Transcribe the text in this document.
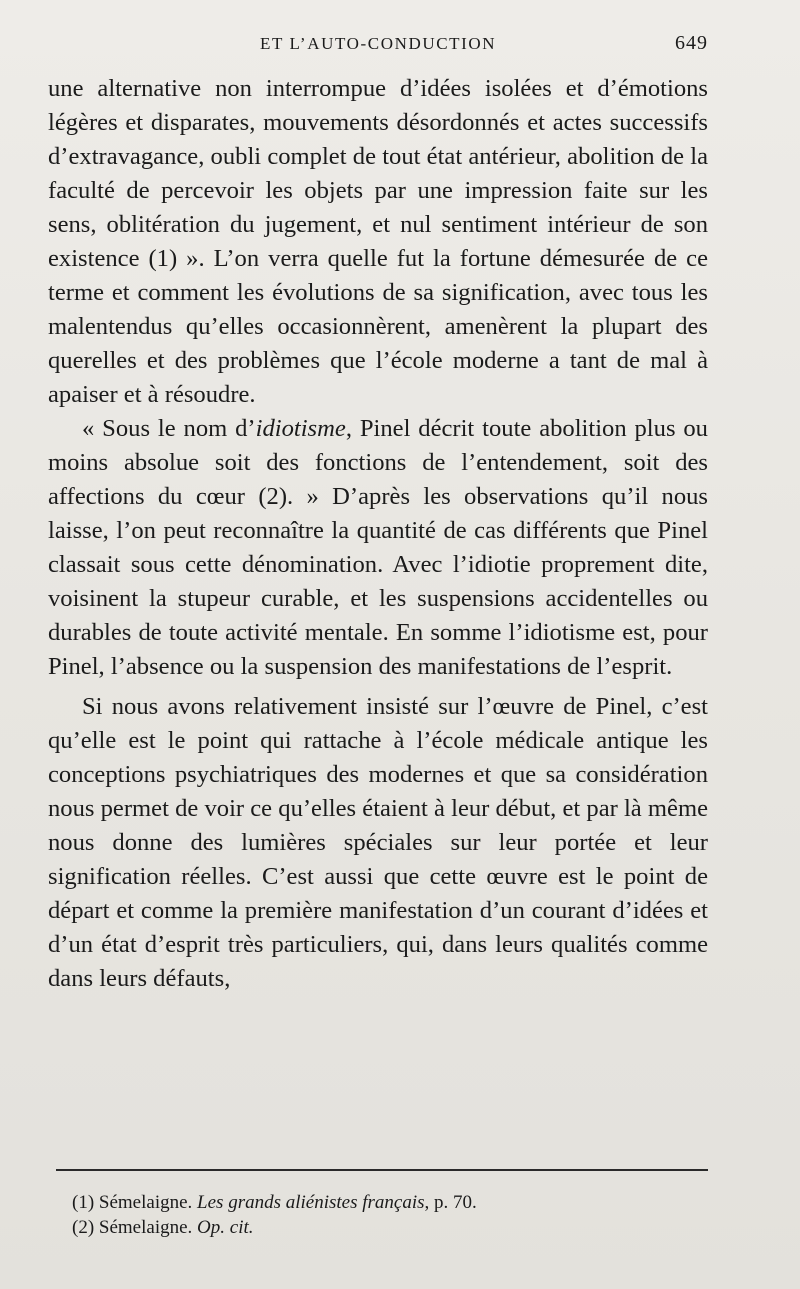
ET L’AUTO-CONDUCTION	649

une alternative non interrompue d’idées isolées et d’émotions légères et disparates, mouvements désordonnés et actes successifs d’extravagance, oubli complet de tout état antérieur, abolition de la faculté de percevoir les objets par une impression faite sur les sens, oblitération du jugement, et nul sentiment intérieur de son existence (1) ». L’on verra quelle fut la fortune démesurée de ce terme et comment les évolutions de sa signification, avec tous les malentendus qu’elles occasionnèrent, amenèrent la plupart des querelles et des problèmes que l’école moderne a tant de mal à apaiser et à résoudre.

« Sous le nom d’idiotisme, Pinel décrit toute abolition plus ou moins absolue soit des fonctions de l’entendement, soit des affections du cœur (2). » D’après les observations qu’il nous laisse, l’on peut reconnaître la quantité de cas différents que Pinel classait sous cette dénomination. Avec l’idiotie proprement dite, voisinent la stupeur curable, et les suspensions accidentelles ou durables de toute activité mentale. En somme l’idiotisme est, pour Pinel, l’absence ou la suspension des manifestations de l’esprit.

Si nous avons relativement insisté sur l’œuvre de Pinel, c’est qu’elle est le point qui rattache à l’école médicale antique les conceptions psychiatriques des modernes et que sa considération nous permet de voir ce qu’elles étaient à leur début, et par là même nous donne des lumières spéciales sur leur portée et leur signification réelles. C’est aussi que cette œuvre est le point de départ et comme la première manifestation d’un courant d’idées et d’un état d’esprit très particuliers, qui, dans leurs qualités comme dans leurs défauts,

(1) Sémelaigne. Les grands aliénistes français, p. 70.
(2) Sémelaigne. Op. cit.
